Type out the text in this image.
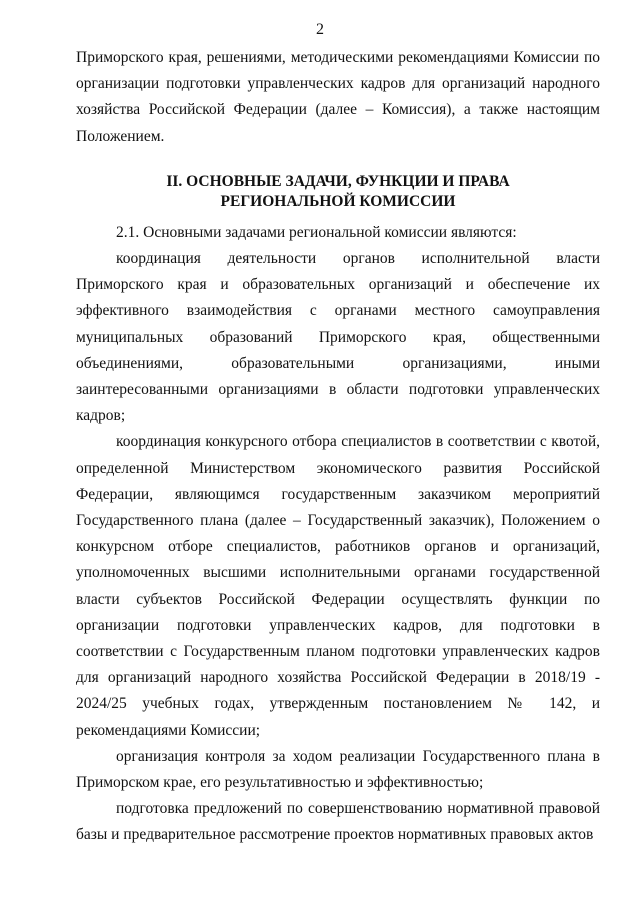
2

Приморского края, решениями, методическими рекомендациями Комиссии по организации подготовки управленческих кадров для организаций народного хозяйства Российской Федерации (далее – Комиссия), а также настоящим Положением.

II. ОСНОВНЫЕ ЗАДАЧИ, ФУНКЦИИ И ПРАВА
РЕГИОНАЛЬНОЙ КОМИССИИ

2.1. Основными задачами региональной комиссии являются:

координация деятельности органов исполнительной власти Приморского края и образовательных организаций и обеспечение их эффективного взаимодействия с органами местного самоуправления муниципальных образований Приморского края, общественными объединениями, образовательными организациями, иными заинтересованными организациями в области подготовки управленческих кадров;

координация конкурсного отбора специалистов в соответствии с квотой, определенной Министерством экономического развития Российской Федерации, являющимся государственным заказчиком мероприятий Государственного плана (далее – Государственный заказчик), Положением о конкурсном отборе специалистов, работников органов и организаций, уполномоченных высшими исполнительными органами государственной власти субъектов Российской Федерации осуществлять функции по организации подготовки управленческих кадров, для подготовки в соответствии с Государственным планом подготовки управленческих кадров для организаций народного хозяйства Российской Федерации в 2018/19 - 2024/25 учебных годах, утвержденным постановлением № 142, и рекомендациями Комиссии;

организация контроля за ходом реализации Государственного плана в Приморском крае, его результативностью и эффективностью;

подготовка предложений по совершенствованию нормативной правовой базы и предварительное рассмотрение проектов нормативных правовых актов
